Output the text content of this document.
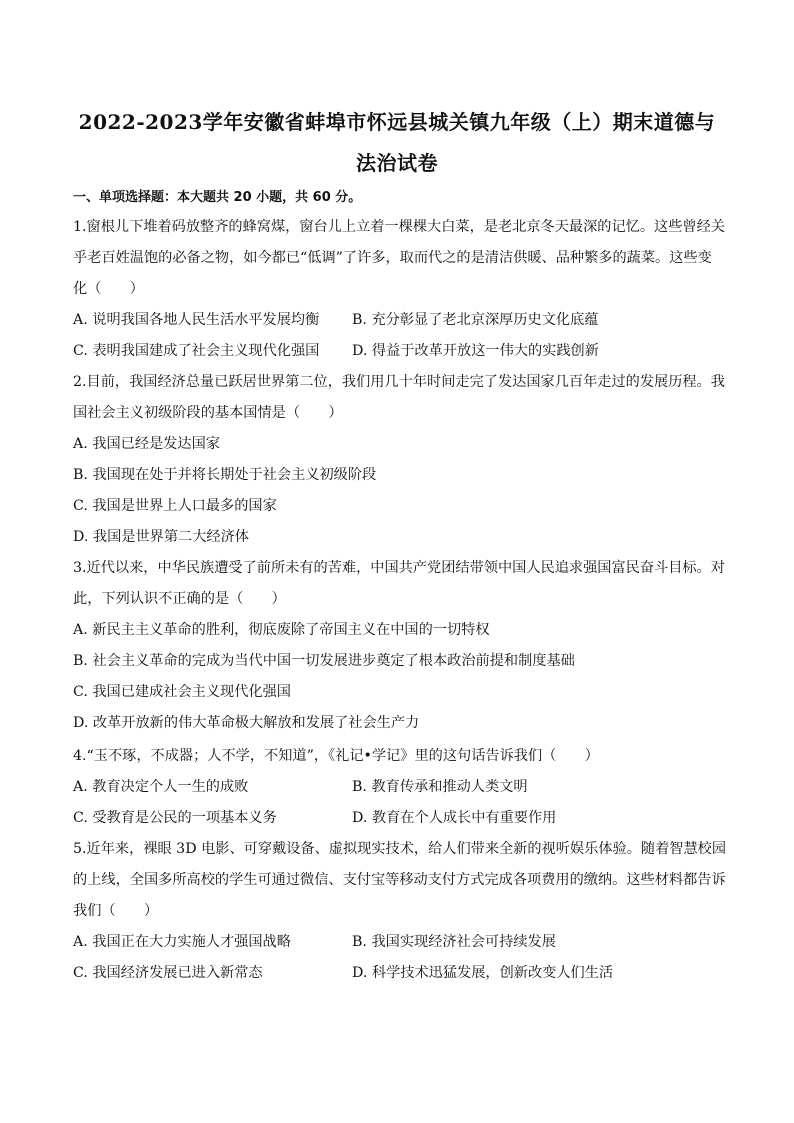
2022-2023学年安徽省蚌埠市怀远县城关镇九年级（上）期末道德与
法治试卷
一、单项选择题：本大题共 20 小题，共 60 分。
1.窗根儿下堆着码放整齐的蜂窝煤，窗台儿上立着一棵棵大白菜，是老北京冬天最深的记忆。这些曾经关
乎老百姓温饱的必备之物，如今都已“低调”了许多，取而代之的是清洁供暖、品种繁多的蔬菜。这些变
化（　　）
A. 说明我国各地人民生活水平发展均衡 B. 充分彰显了老北京深厚历史文化底蕴
C. 表明我国建成了社会主义现代化强国 D. 得益于改革开放这一伟大的实践创新
2.目前，我国经济总量已跃居世界第二位，我们用几十年时间走完了发达国家几百年走过的发展历程。我
国社会主义初级阶段的基本国情是（　　）
A. 我国已经是发达国家
B. 我国现在处于并将长期处于社会主义初级阶段
C. 我国是世界上人口最多的国家
D. 我国是世界第二大经济体
3.近代以来，中华民族遭受了前所未有的苦难，中国共产党团结带领中国人民追求强国富民奋斗目标。对
此，下列认识不正确的是（　　）
A. 新民主主义革命的胜利，彻底废除了帝国主义在中国的一切特权
B. 社会主义革命的完成为当代中国一切发展进步奠定了根本政治前提和制度基础
C. 我国已建成社会主义现代化强国
D. 改革开放新的伟大革命极大解放和发展了社会生产力
4.“玉不琢，不成器；人不学，不知道”，《礼记•学记》里的这句话告诉我们（　　）
A. 教育决定个人一生的成败	B. 教育传承和推动人类文明
C. 受教育是公民的一项基本义务	D. 教育在个人成长中有重要作用
5.近年来，裸眼 3D 电影、可穿戴设备、虚拟现实技术，给人们带来全新的视听娱乐体验。随着智慧校园
的上线，全国多所高校的学生可通过微信、支付宝等移动支付方式完成各项费用的缴纳。这些材料都告诉
我们（　　）
A. 我国正在大力实施人才强国战略	B. 我国实现经济社会可持续发展
C. 我国经济发展已进入新常态	D. 科学技术迅猛发展，创新改变人们生活
